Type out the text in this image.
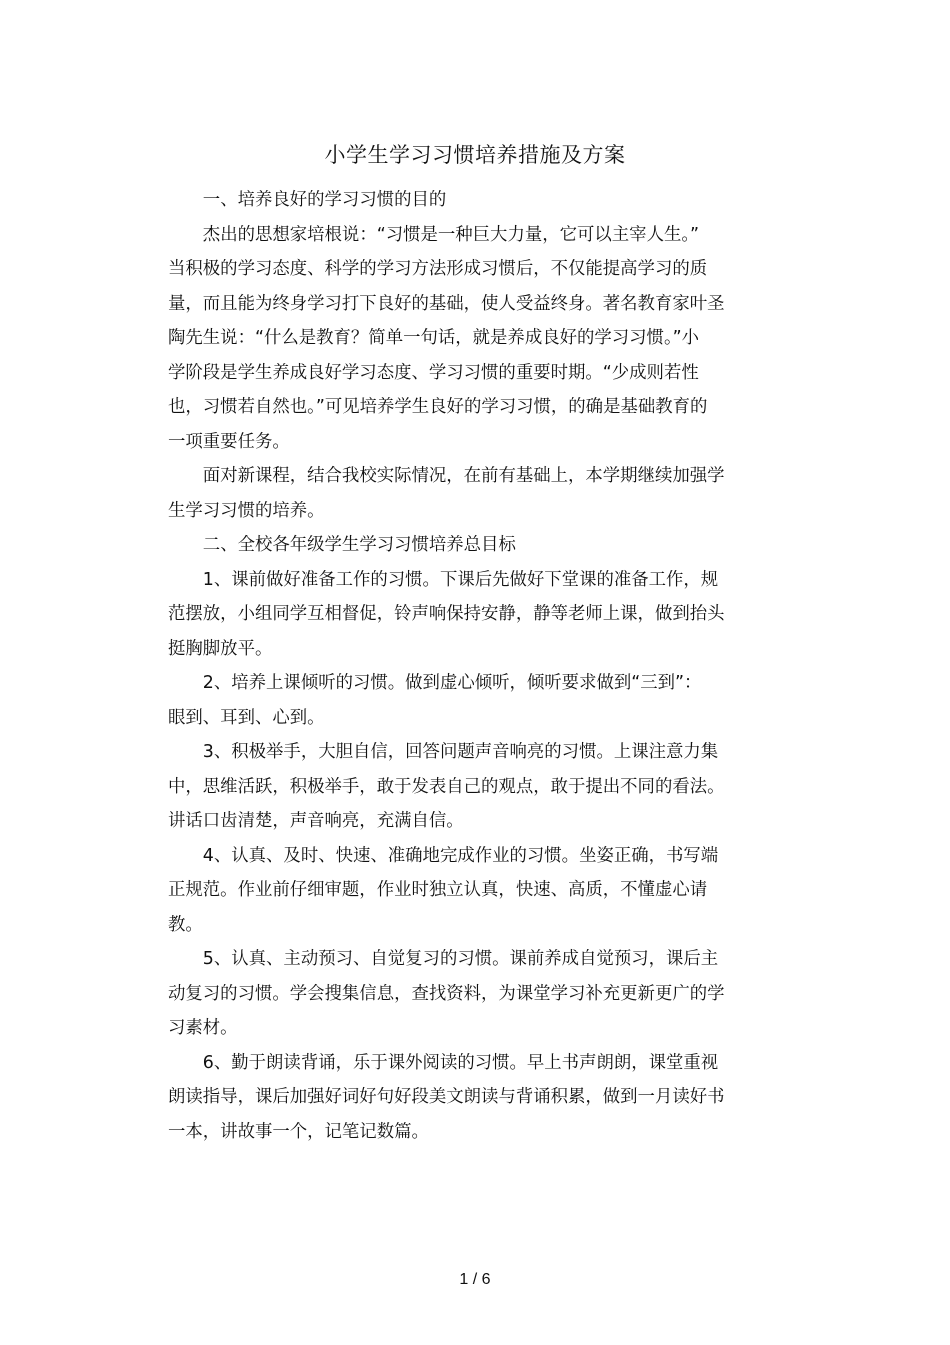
小学生学习习惯培养措施及方案

一、培养良好的学习习惯的目的

杰出的思想家培根说：“习惯是一种巨大力量，它可以主宰人生。”
当积极的学习态度、科学的学习方法形成习惯后，不仅能提高学习的质
量，而且能为终身学习打下良好的基础，使人受益终身。著名教育家叶圣
陶先生说：“什么是教育？简单一句话，就是养成良好的学习习惯。”小
学阶段是学生养成良好学习态度、学习习惯的重要时期。“少成则若性
也，习惯若自然也。”可见培养学生良好的学习习惯，的确是基础教育的
一项重要任务。

面对新课程，结合我校实际情况，在前有基础上，本学期继续加强学
生学习习惯的培养。

二、全校各年级学生学习习惯培养总目标

1、课前做好准备工作的习惯。下课后先做好下堂课的准备工作，规
范摆放，小组同学互相督促，铃声响保持安静，静等老师上课，做到抬头
挺胸脚放平。

2、培养上课倾听的习惯。做到虚心倾听，倾听要求做到“三到”：
眼到、耳到、心到。

3、积极举手，大胆自信，回答问题声音响亮的习惯。上课注意力集
中，思维活跃，积极举手，敢于发表自己的观点，敢于提出不同的看法。
讲话口齿清楚，声音响亮，充满自信。

4、认真、及时、快速、准确地完成作业的习惯。坐姿正确，书写端
正规范。作业前仔细审题，作业时独立认真，快速、高质，不懂虚心请
教。

5、认真、主动预习、自觉复习的习惯。课前养成自觉预习，课后主
动复习的习惯。学会搜集信息，查找资料，为课堂学习补充更新更广的学
习素材。

6、勤于朗读背诵，乐于课外阅读的习惯。早上书声朗朗，课堂重视
朗读指导，课后加强好词好句好段美文朗读与背诵积累，做到一月读好书
一本，讲故事一个，记笔记数篇。

1 / 6
